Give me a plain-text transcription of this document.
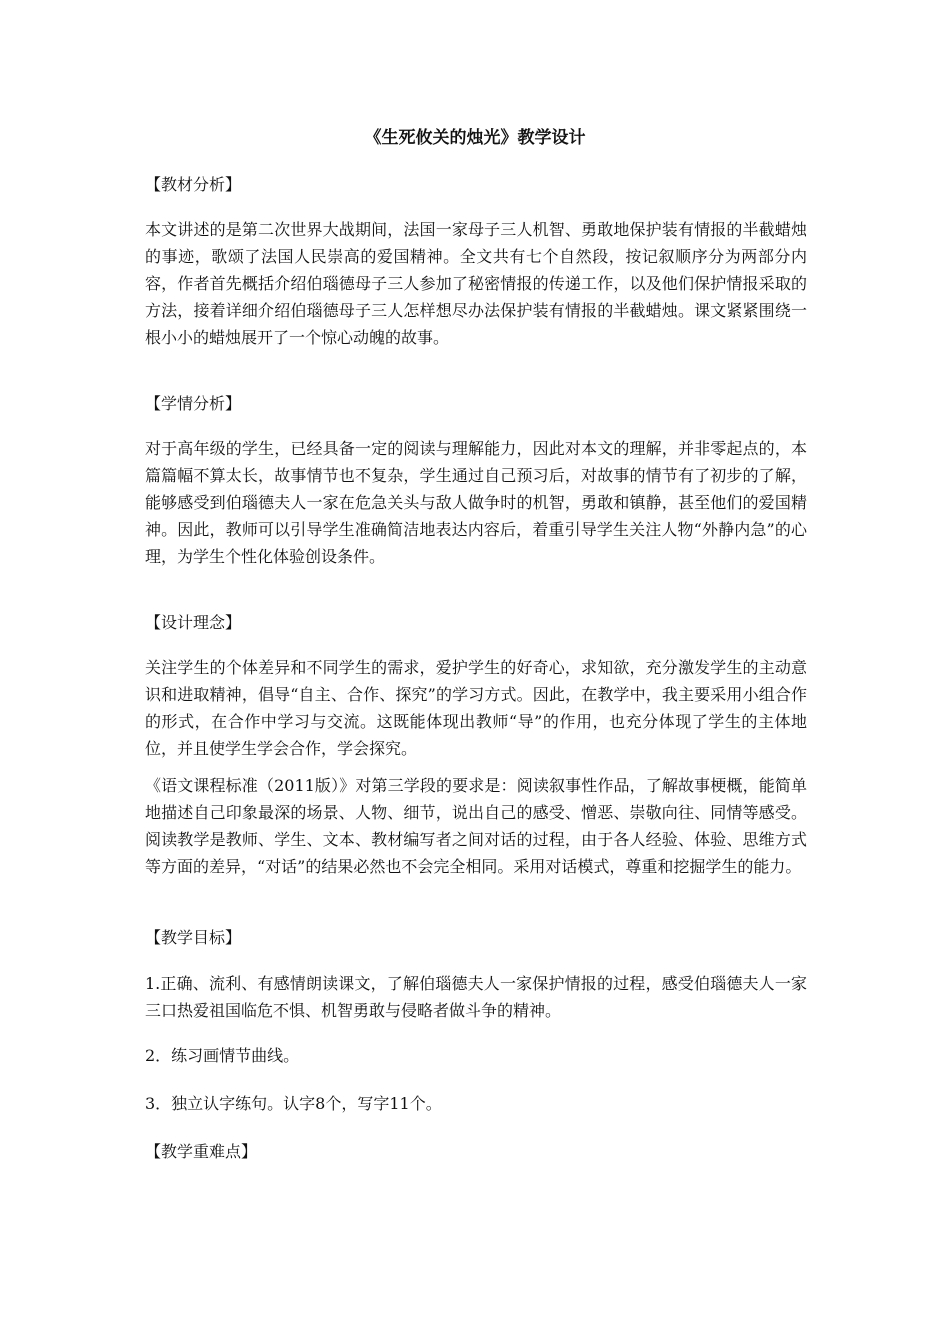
《生死攸关的烛光》教学设计
【教材分析】
本文讲述的是第二次世界大战期间，法国一家母子三人机智、勇敢地保护装有情报的半截蜡烛的事迹，歌颂了法国人民崇高的爱国精神。全文共有七个自然段，按记叙顺序分为两部分内容，作者首先概括介绍伯瑙德母子三人参加了秘密情报的传递工作，以及他们保护情报采取的方法，接着详细介绍伯瑙德母子三人怎样想尽办法保护装有情报的半截蜡烛。课文紧紧围绕一根小小的蜡烛展开了一个惊心动魄的故事。
【学情分析】
对于高年级的学生，已经具备一定的阅读与理解能力，因此对本文的理解，并非零起点的，本篇篇幅不算太长，故事情节也不复杂，学生通过自己预习后，对故事的情节有了初步的了解，能够感受到伯瑙德夫人一家在危急关头与敌人做争时的机智，勇敢和镇静，甚至他们的爱国精神。因此，教师可以引导学生准确简洁地表达内容后，着重引导学生关注人物“外静内急”的心理，为学生个性化体验创设条件。
【设计理念】
关注学生的个体差异和不同学生的需求，爱护学生的好奇心，求知欲，充分激发学生的主动意识和进取精神，倡导“自主、合作、探究”的学习方式。因此，在教学中，我主要采用小组合作的形式，在合作中学习与交流。这既能体现出教师“导”的作用，也充分体现了学生的主体地位，并且使学生学会合作，学会探究。
《语文课程标准（2011版）》对第三学段的要求是：阅读叙事性作品，了解故事梗概，能简单地描述自己印象最深的场景、人物、细节，说出自己的感受、憎恶、崇敬向往、同情等感受。阅读教学是教师、学生、文本、教材编写者之间对话的过程，由于各人经验、体验、思维方式等方面的差异，“对话”的结果必然也不会完全相同。采用对话模式，尊重和挖掘学生的能力。
【教学目标】
1.正确、流利、有感情朗读课文，了解伯瑙德夫人一家保护情报的过程，感受伯瑙德夫人一家三口热爱祖国临危不惧、机智勇敢与侵略者做斗争的精神。
2．练习画情节曲线。
3．独立认字练句。认字8个，写字11个。
【教学重难点】
